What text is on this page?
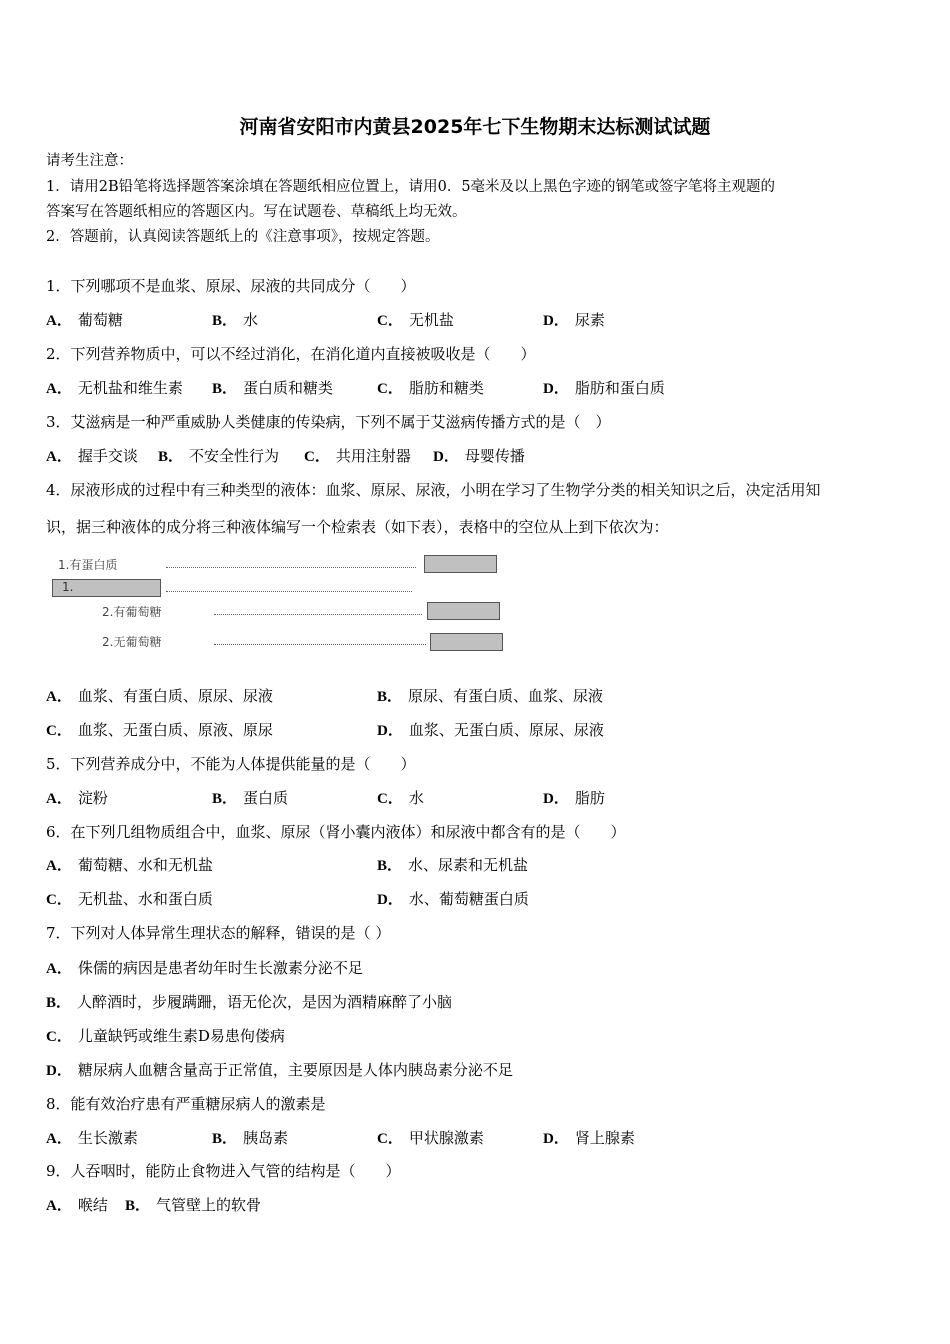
河南省安阳市内黄县2025年七下生物期末达标测试试题
请考生注意：
1．请用2B铅笔将选择题答案涂填在答题纸相应位置上，请用0．5毫米及以上黑色字迹的钢笔或签字笔将主观题的
答案写在答题纸相应的答题区内。写在试题卷、草稿纸上均无效。
2．答题前，认真阅读答题纸上的《注意事项》，按规定答题。
1．下列哪项不是血浆、原尿、尿液的共同成分（　　）
A． 葡萄糖	B． 水	C． 无机盐	D． 尿素
2．下列营养物质中，可以不经过消化，在消化道内直接被吸收是（　　）
A． 无机盐和维生素 B． 蛋白质和糖类	C． 脂肪和糖类	D． 脂肪和蛋白质
3．艾滋病是一种严重威胁人类健康的传染病，下列不属于艾滋病传播方式的是（　）
A． 握手交谈 B． 不安全性行为 C． 共用注射器 D． 母婴传播
4．尿液形成的过程中有三种类型的液体：血浆、原尿、尿液，小明在学习了生物学分类的相关知识之后，决定活用知
识，据三种液体的成分将三种液体编写一个检索表（如下表），表格中的空位从上到下依次为：
1.有蛋白质
1.
2.有葡萄糖
2.无葡萄糖
A． 血浆、有蛋白质、原尿、尿液	B． 原尿、有蛋白质、血浆、尿液
C． 血浆、无蛋白质、原液、原尿	D． 血浆、无蛋白质、原尿、尿液
5．下列营养成分中，不能为人体提供能量的是（　　）
A． 淀粉	B． 蛋白质	C． 水	D． 脂肪
6．在下列几组物质组合中，血浆、原尿（肾小囊内液体）和尿液中都含有的是（　　）
A． 葡萄糖、水和无机盐	B． 水、尿素和无机盐
C． 无机盐、水和蛋白质	D． 水、葡萄糖蛋白质
7．下列对人体异常生理状态的解释，错误的是（ ）
A． 侏儒的病因是患者幼年时生长激素分泌不足
B． 人醉酒时，步履蹒跚，语无伦次，是因为酒精麻醉了小脑
C． 儿童缺钙或维生素D易患佝偻病
D． 糖尿病人血糖含量高于正常值，主要原因是人体内胰岛素分泌不足
8．能有效治疗患有严重糖尿病人的激素是
A． 生长激素	B． 胰岛素	C． 甲状腺激素	D． 肾上腺素
9．人吞咽时，能防止食物进入气管的结构是（　　）
A． 喉结 B． 气管壁上的软骨
